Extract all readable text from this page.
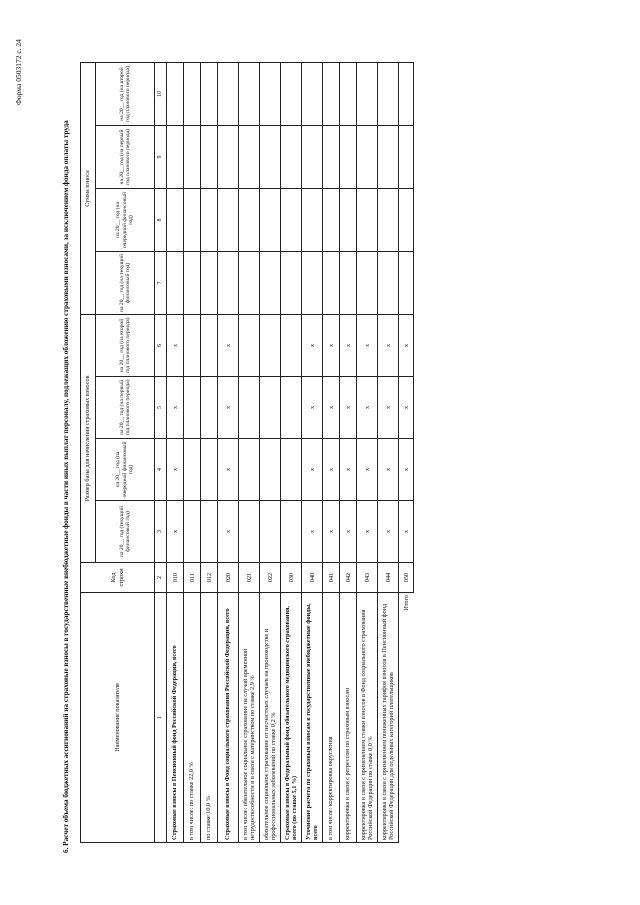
Форма 0503172 с. 24
6. Расчет объема бюджетных ассигнований на страховые взносы в государственные внебюджетные фонды в части иных выплат персоналу, подлежащих обложению страховыми взносами, за исключением фонда оплаты труда	Наименование показателя	Код строки	Размер базы для начисления страховых взносов				Сумма взноса			
		на 20__ год (текущий финансовый год)	на 20__ год (на очередной финансовый год)	на 20__ год (на первый год планового периода)	на 20__ год (на второй год планового периода)	на 20__ год (на текущий финансовый год)	на 20__ год (на очередной финансовый год)	на 20__ год (на первый год планового периода)	на 20__ год (на второй год планового периода)
1	2	3	4	5	6	7	8	9	10
Страховые взносы в Пенсионный фонд Российской Федерации, всего	010	x	x	x	x				
в том числе: по ставке 22,0 %	011								
по ставке 10,0 %	012								
Страховые взносы в Фонд социального страхования Российской Федерации, всего	020	x	x	x	x				
в том числе: обязательное социальное страхование на случай временной нетрудоспособности и в связи с материнством по ставке 2,9 %	021								
обязательное социальное страхование от несчастных случаев на производстве и профессиональных заболеваний по ставке 0,2 %	022								
Страховые взносы в Федеральный фонд обязательного медицинского страхования, всего (по ставке 5,1 %)	030								
Уточнение расчета по страховым взносам в государственные внебюджетные фонды, всего	040	x	x	x	x				
в том числе: корректировка округления	041	x	x	x	x				
корректировка в связи с регрессом по страховым взносам	042	x	x	x	x				
корректировка в связи с применением ставки взносов в Фонд социального страхования Российской Федерации по ставке 0,0 %	043	x	x	x	x				
корректировка в связи с применением пониженных тарифов взносов в Пенсионный фонд Российской Федерации для отдельных категорий плательщиков	044	x	x	x	x				
Итого	050	x	x	x	x				
